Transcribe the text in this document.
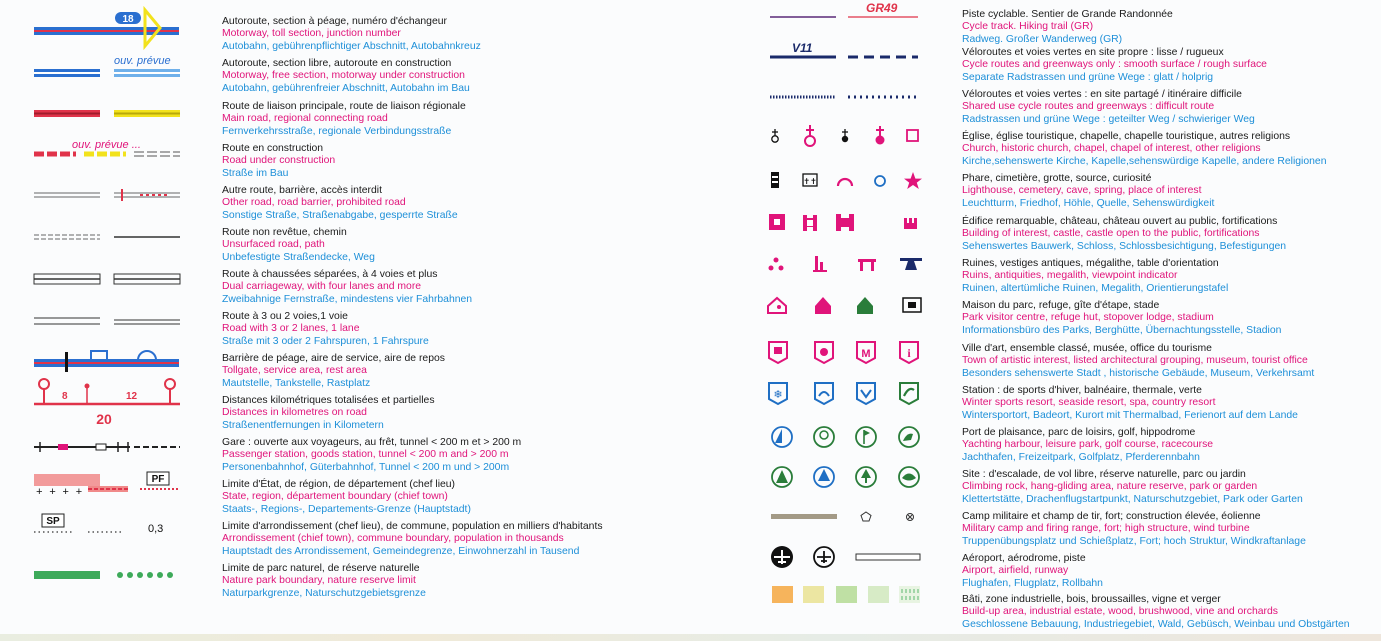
18
ouv. prévue
ouv. prévue ...
8	12
20
+ + + +
PF
SP
0,3
GR49
V11
✝✝
M	i
❄
Autoroute, section à péage, numéro d'échangeur
Motorway, toll section, junction number
Autobahn, gebührenpflichtiger Abschnitt, Autobahnkreuz
Autoroute, section libre, autoroute en construction
Motorway, free section, motorway under construction
Autobahn, gebührenfreier Abschnitt, Autobahn im Bau
Route de liaison principale, route de liaison régionale
Main road, regional connecting road
Fernverkehrsstraße, regionale Verbindungsstraße
Route en construction
Road under construction
Straße im Bau
Autre route, barrière, accès interdit
Other road, road barrier, prohibited road
Sonstige Straße, Straßenabgabe, gesperrte Straße
Route non revêtue, chemin
Unsurfaced road, path
Unbefestigte Straßendecke, Weg
Route à chaussées séparées, à 4 voies et plus
Dual carriageway, with four lanes and more
Zweibahnige Fernstraße, mindestens vier Fahrbahnen
Route à 3 ou 2 voies,1 voie
Road with 3 or 2 lanes, 1 lane
Straße mit 3 oder 2 Fahrspuren, 1 Fahrspure
Barrière de péage, aire de service, aire de repos
Tollgate, service area, rest area
Mautstelle, Tankstelle, Rastplatz
Distances kilométriques totalisées et partielles
Distances in kilometres on road
Straßenentfernungen in Kilometern
Gare : ouverte aux voyageurs, au frêt, tunnel < 200 m et > 200 m
Passenger station, goods station, tunnel < 200 m and > 200 m
Personenbahnhof, Güterbahnhof, Tunnel < 200 m und > 200m
Limite d'État, de région, de département (chef lieu)
State, region, département boundary (chief town)
Staats-, Regions-, Departements-Grenze (Hauptstadt)
Limite d'arrondissement (chef lieu), de commune, population en milliers d'habitants
Arrondissement (chief town), commune boundary, population in thousands
Hauptstadt des Arrondissement, Gemeindegrenze, Einwohnerzahl in Tausend
Limite de parc naturel, de réserve naturelle
Nature park boundary, nature reserve limit
Naturparkgrenze, Naturschutzgebietsgrenze
Piste cyclable. Sentier de Grande Randonnée
Cycle track. Hiking trail (GR)
Radweg. Großer Wanderweg (GR)
Véloroutes et voies vertes en site propre : lisse / rugueux
Cycle routes and greenways only : smooth surface / rough surface
Separate Radstrassen und grüne Wege : glatt / holprig
Véloroutes et voies vertes : en site partagé / itinéraire difficile
Shared use cycle routes and greenways : difficult route
Radstrassen und grüne Wege : geteilter Weg / schwieriger Weg
Église, église touristique, chapelle, chapelle touristique, autres religions
Church, historic church, chapel, chapel of interest, other religions
Kirche,sehenswerte Kirche, Kapelle,sehenswürdige Kapelle, andere Religionen
Phare, cimetière, grotte, source, curiosité
Lighthouse, cemetery, cave, spring, place of interest
Leuchtturm, Friedhof, Höhle, Quelle, Sehenswürdigkeit
Édifice remarquable, château, château ouvert au public, fortifications
Building of interest, castle, castle open to the public, fortifications
Sehenswertes Bauwerk, Schloss, Schlossbesichtigung, Befestigungen
Ruines, vestiges antiques, mégalithe, table d'orientation
Ruins, antiquities, megalith, viewpoint indicator
Ruinen, altertümliche Ruinen, Megalith, Orientierungstafel
Maison du parc, refuge, gîte d'étape, stade
Park visitor centre, refuge hut, stopover lodge, stadium
Informationsbüro des Parks, Berghütte, Übernachtungsstelle, Stadion
Ville d'art, ensemble classé, musée, office du tourisme
Town of artistic interest, listed architectural grouping, museum, tourist office
Besonders sehenswerte Stadt , historische Gebäude, Museum, Verkehrsamt
Station : de sports d'hiver, balnéaire, thermale, verte
Winter sports resort, seaside resort, spa, country resort
Wintersportort, Badeort, Kurort mit Thermalbad, Ferienort auf dem Lande
Port de plaisance, parc de loisirs, golf, hippodrome
Yachting harbour, leisure park, golf course, racecourse
Jachthafen, Freizeitpark, Golfplatz, Pferderennbahn
Site : d'escalade, de vol libre, réserve naturelle, parc ou jardin
Climbing rock, hang-gliding area, nature reserve, park or garden
Klettertstätte, Drachenflugstartpunkt, Naturschutzgebiet, Park oder Garten
Camp militaire et champ de tir, fort; construction élevée, éolienne
Military camp and firing range, fort; high structure, wind turbine
Truppenübungsplatz und Schießplatz, Fort; hoch Struktur, Windkraftanlage
Aéroport, aérodrome, piste
Airport, airfield, runway
Flughafen, Flugplatz, Rollbahn
Bâti, zone industrielle, bois, broussailles, vigne et verger
Build-up area, industrial estate, wood, brushwood, vine and orchards
Geschlossene Bebauung, Industriegebiet, Wald, Gebüsch, Weinbau und Obstgärten
